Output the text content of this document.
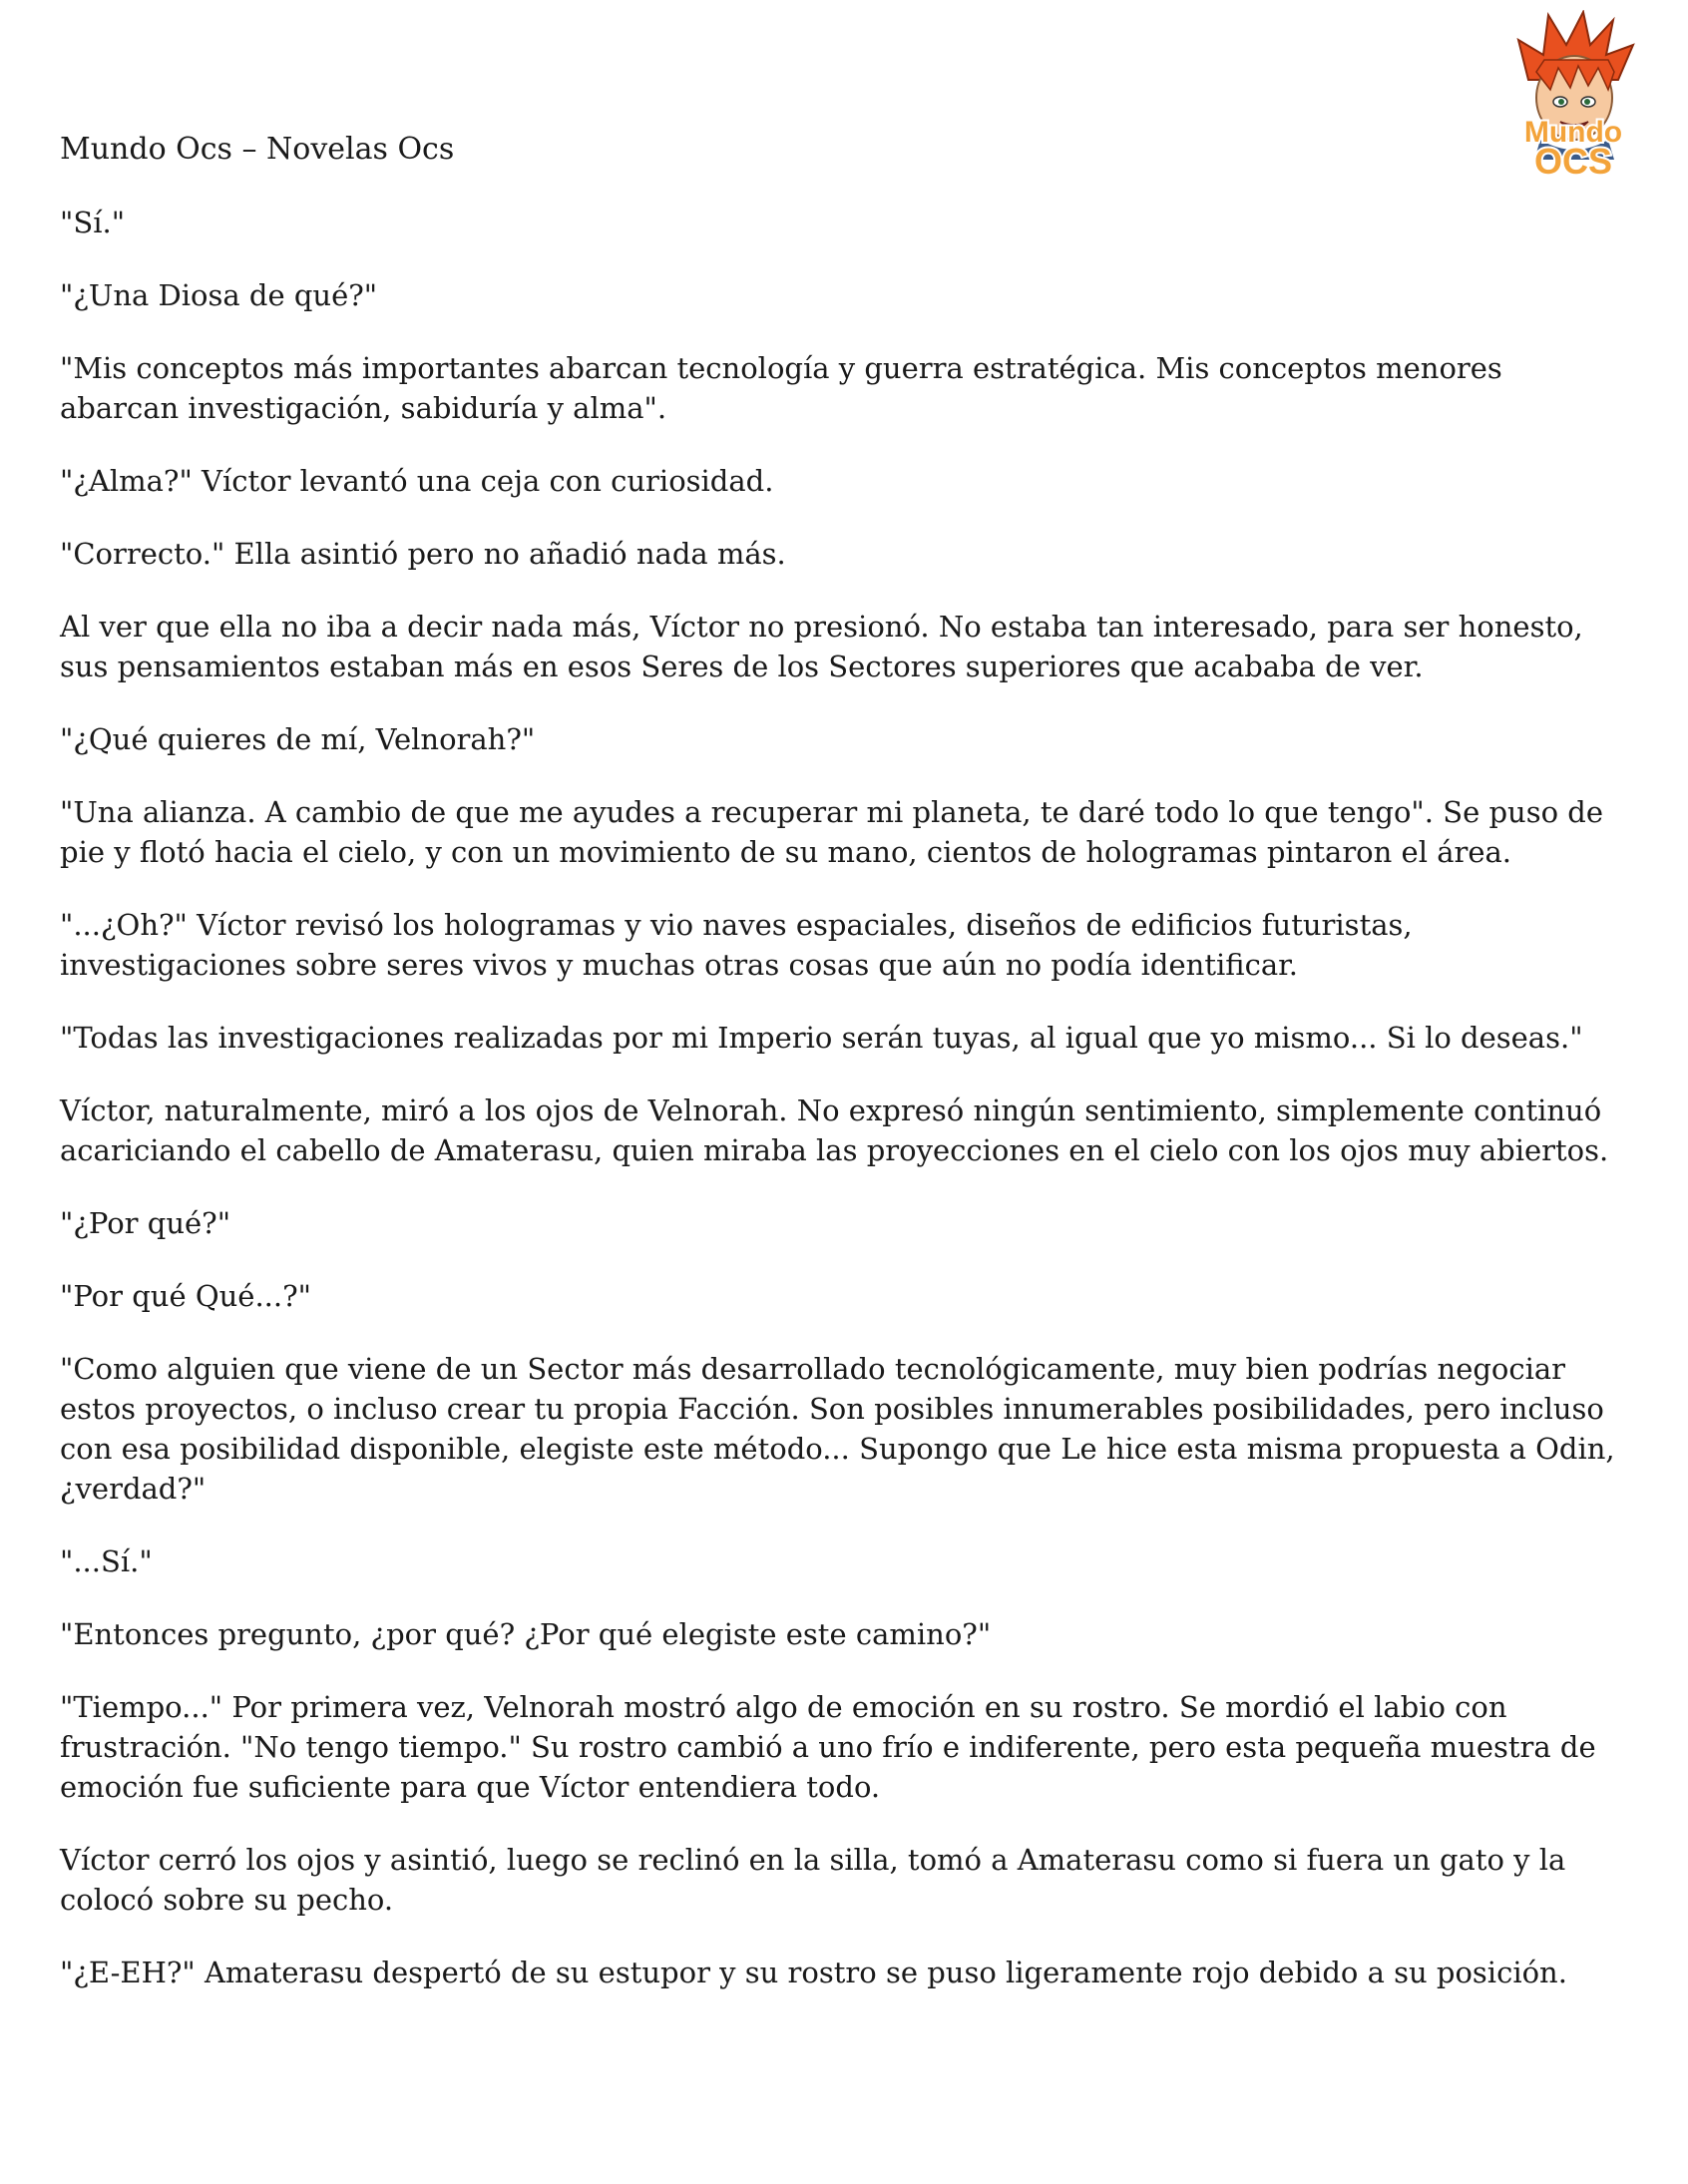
Mundo
OCS

Mundo Ocs – Novelas Ocs

"Sí."

"¿Una Diosa de qué?"

"Mis conceptos más importantes abarcan tecnología y guerra estratégica. Mis conceptos menores abarcan investigación, sabiduría y alma".

"¿Alma?" Víctor levantó una ceja con curiosidad.

"Correcto." Ella asintió pero no añadió nada más.

Al ver que ella no iba a decir nada más, Víctor no presionó. No estaba tan interesado, para ser honesto, sus pensamientos estaban más en esos Seres de los Sectores superiores que acababa de ver.

"¿Qué quieres de mí, Velnorah?"

"Una alianza. A cambio de que me ayudes a recuperar mi planeta, te daré todo lo que tengo". Se puso de pie y flotó hacia el cielo, y con un movimiento de su mano, cientos de hologramas pintaron el área.

"...¿Oh?" Víctor revisó los hologramas y vio naves espaciales, diseños de edificios futuristas, investigaciones sobre seres vivos y muchas otras cosas que aún no podía identificar.

"Todas las investigaciones realizadas por mi Imperio serán tuyas, al igual que yo mismo... Si lo deseas."

Víctor, naturalmente, miró a los ojos de Velnorah. No expresó ningún sentimiento, simplemente continuó acariciando el cabello de Amaterasu, quien miraba las proyecciones en el cielo con los ojos muy abiertos.

"¿Por qué?"

"Por qué Qué...?"

"Como alguien que viene de un Sector más desarrollado tecnológicamente, muy bien podrías negociar estos proyectos, o incluso crear tu propia Facción. Son posibles innumerables posibilidades, pero incluso con esa posibilidad disponible, elegiste este método... Supongo que Le hice esta misma propuesta a Odin, ¿verdad?"

"...Sí."

"Entonces pregunto, ¿por qué? ¿Por qué elegiste este camino?"

"Tiempo..." Por primera vez, Velnorah mostró algo de emoción en su rostro. Se mordió el labio con frustración. "No tengo tiempo." Su rostro cambió a uno frío e indiferente, pero esta pequeña muestra de emoción fue suficiente para que Víctor entendiera todo.

Víctor cerró los ojos y asintió, luego se reclinó en la silla, tomó a Amaterasu como si fuera un gato y la colocó sobre su pecho.

"¿E-EH?" Amaterasu despertó de su estupor y su rostro se puso ligeramente rojo debido a su posición.
